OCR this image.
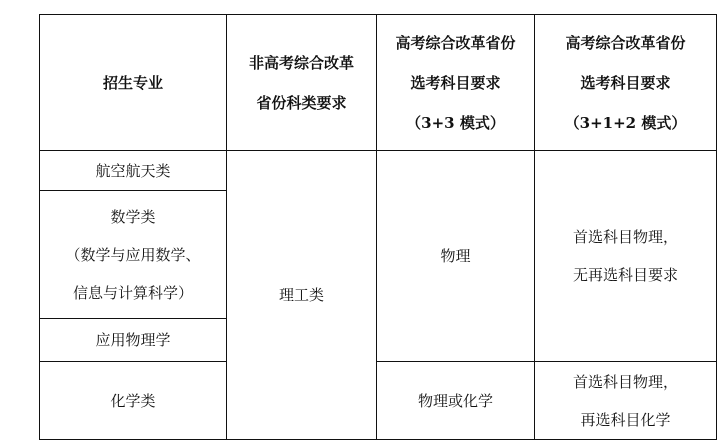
招生专业	非高考综合改革
省份科类要求	高考综合改革省份
选考科目要求
（3+3 模式）	高考综合改革省份
选考科目要求
（3+1+2 模式）

航空航天类	理工类	物理	首选科目物理，
无再选科目要求

数学类
（数学与应用数学、
信息与计算科学）			

应用物理学			

化学类		物理或化学	首选科目物理，
再选科目化学
